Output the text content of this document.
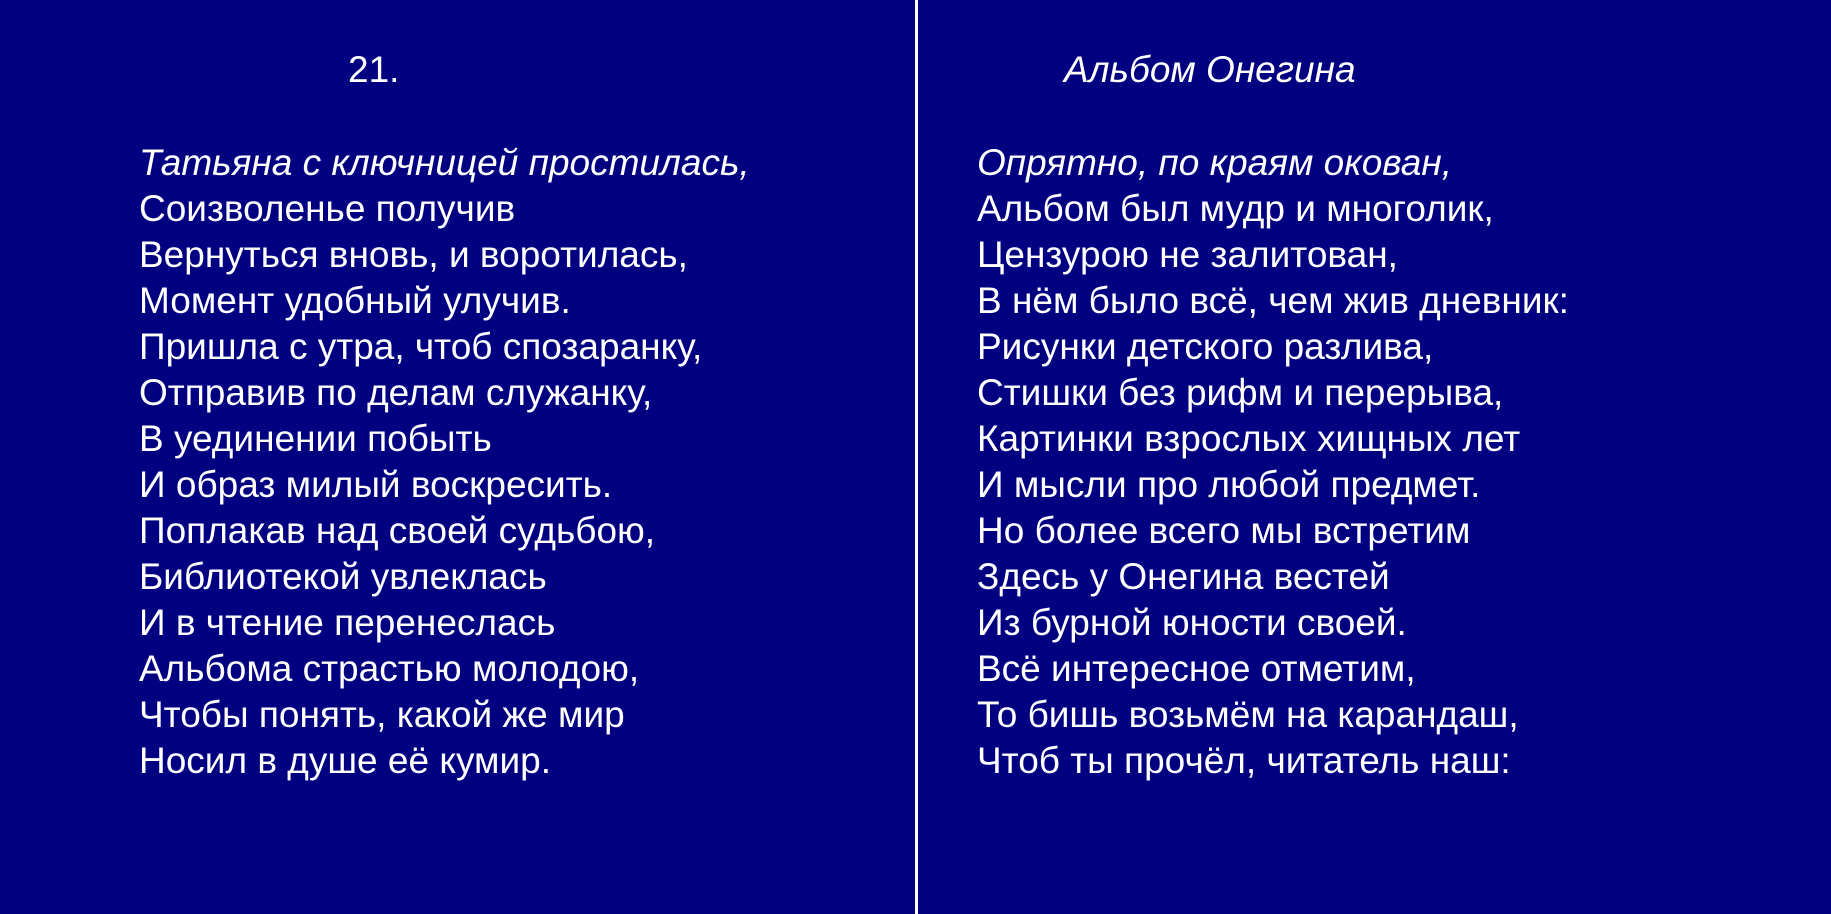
21.
Татьяна с ключницей простилась,
Соизволенье получив
Вернуться вновь, и воротилась,
Момент удобный улучив.
Пришла с утра, чтоб спозаранку,
Отправив по делам служанку,
В уединении побыть
И образ милый воскресить.
Поплакав над своей судьбою,
Библиотекой увлеклась
И в чтение перенеслась
Альбома страстью молодою,
Чтобы понять, какой же мир
Носил в душе её кумир.
Альбом Онегина
Опрятно, по краям окован,
Альбом был мудр и многолик,
Цензурою не залитован,
В нём было всё, чем жив дневник:
Рисунки детского разлива,
Стишки без рифм и перерыва,
Картинки взрослых хищных лет
И мысли про любой предмет.
Но более всего мы встретим
Здесь у Онегина вестей
Из бурной юности своей.
Всё интересное отметим,
То бишь возьмём на карандаш,
Чтоб ты прочёл, читатель наш:
